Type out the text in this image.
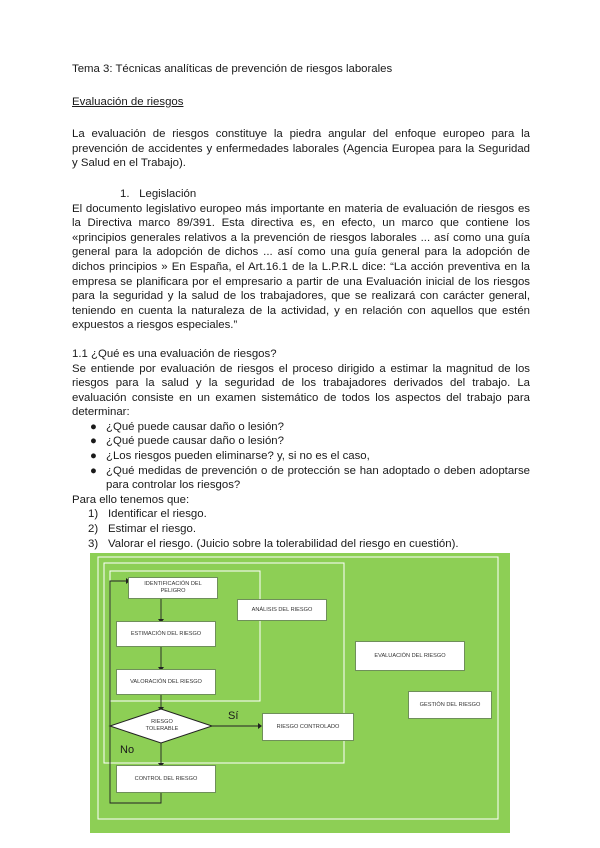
Tema 3: Técnicas analíticas de prevención de riesgos laborales

Evaluación de riesgos

La evaluación de riesgos constituye la piedra angular del enfoque europeo para la prevención de accidentes y enfermedades laborales (Agencia Europea para la Seguridad y Salud en el Trabajo).

1. Legislación

El documento legislativo europeo más importante en materia de evaluación de riesgos es la Directiva marco 89/391. Esta directiva es, en efecto, un marco que contiene los «principios generales relativos a la prevención de riesgos laborales ... así como una guía general para la adopción de dichos ... así como una guía general para la adopción de dichos principios » En España, el Art.16.1 de la L.P.R.L dice: “La acción preventiva en la empresa se planificara por el empresario a partir de una Evaluación inicial de los riesgos para la seguridad y la salud de los trabajadores, que se realizará con carácter general, teniendo en cuenta la naturaleza de la actividad, y en relación con aquellos que estén expuestos a riesgos especiales.”

1.1 ¿Qué es una evaluación de riesgos?

Se entiende por evaluación de riesgos el proceso dirigido a estimar la magnitud de los riesgos para la salud y la seguridad de los trabajadores derivados del trabajo. La evaluación consiste en un examen sistemático de todos los aspectos del trabajo para determinar:

● ¿Qué puede causar daño o lesión?
● ¿Qué puede causar daño o lesión?
● ¿Los riesgos pueden eliminarse? y, si no es el caso,
● ¿Qué medidas de prevención o de protección se han adoptado o deben adoptarse para controlar los riesgos?

Para ello tenemos que:

1) Identificar el riesgo.
2) Estimar el riesgo.
3) Valorar el riesgo. (Juicio sobre la tolerabilidad del riesgo en cuestión).
IDENTIFICACIÓN DEL PELIGRO
ANÁLISIS DEL RIESGO
ESTIMACIÓN DEL RIESGO
EVALUACIÓN DEL RIESGO
VALORACIÓN DEL RIESGO
GESTIÓN DEL RIESGO
RIESGO TOLERABLE	RIESGO CONTROLADO
CONTROL DEL RIESGO
Sí
No
